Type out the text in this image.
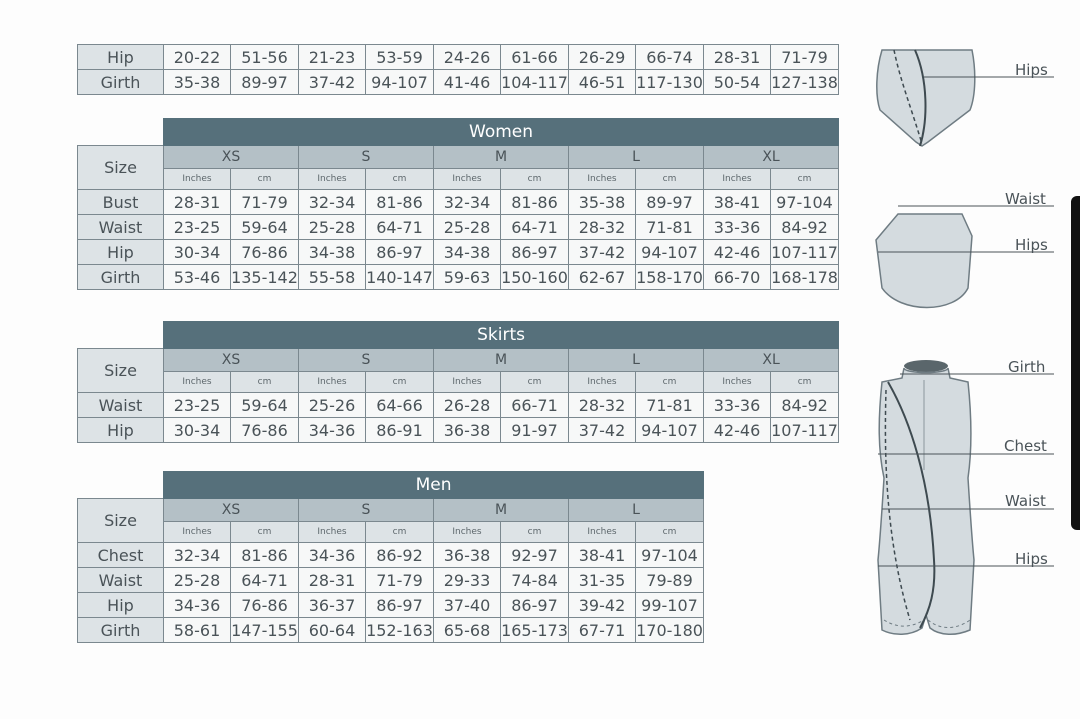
Hip	20-22	51-56	21-23	53-59	24-26	61-66	26-29	66-74	28-31	71-79
Girth	35-38	89-97	37-42	94-107	41-46	104-117	46-51	117-130	50-54	127-138
	Women									
Size	XS		S		M		L		XL	
	Inches	cm	Inches	cm	Inches	cm	Inches	cm	Inches	cm
Bust	28-31	71-79	32-34	81-86	32-34	81-86	35-38	89-97	38-41	97-104
Waist	23-25	59-64	25-28	64-71	25-28	64-71	28-32	71-81	33-36	84-92
Hip	30-34	76-86	34-38	86-97	34-38	86-97	37-42	94-107	42-46	107-117
Girth	53-46	135-142	55-58	140-147	59-63	150-160	62-67	158-170	66-70	168-178
	Skirts									
Size	XS		S		M		L		XL	
	Inches	cm	Inches	cm	Inches	cm	Inches	cm	Inches	cm
Waist	23-25	59-64	25-26	64-66	26-28	66-71	28-32	71-81	33-36	84-92
Hip	30-34	76-86	34-36	86-91	36-38	91-97	37-42	94-107	42-46	107-117
	Men							
Size	XS		S		M		L	
	Inches	cm	Inches	cm	Inches	cm	Inches	cm
Chest	32-34	81-86	34-36	86-92	36-38	92-97	38-41	97-104
Waist	25-28	64-71	28-31	71-79	29-33	74-84	31-35	79-89
Hip	34-36	76-86	36-37	86-97	37-40	86-97	39-42	99-107
Girth	58-61	147-155	60-64	152-163	65-68	165-173	67-71	170-180
Hips
Waist
Hips
Girth
Chest
Waist
Hips
